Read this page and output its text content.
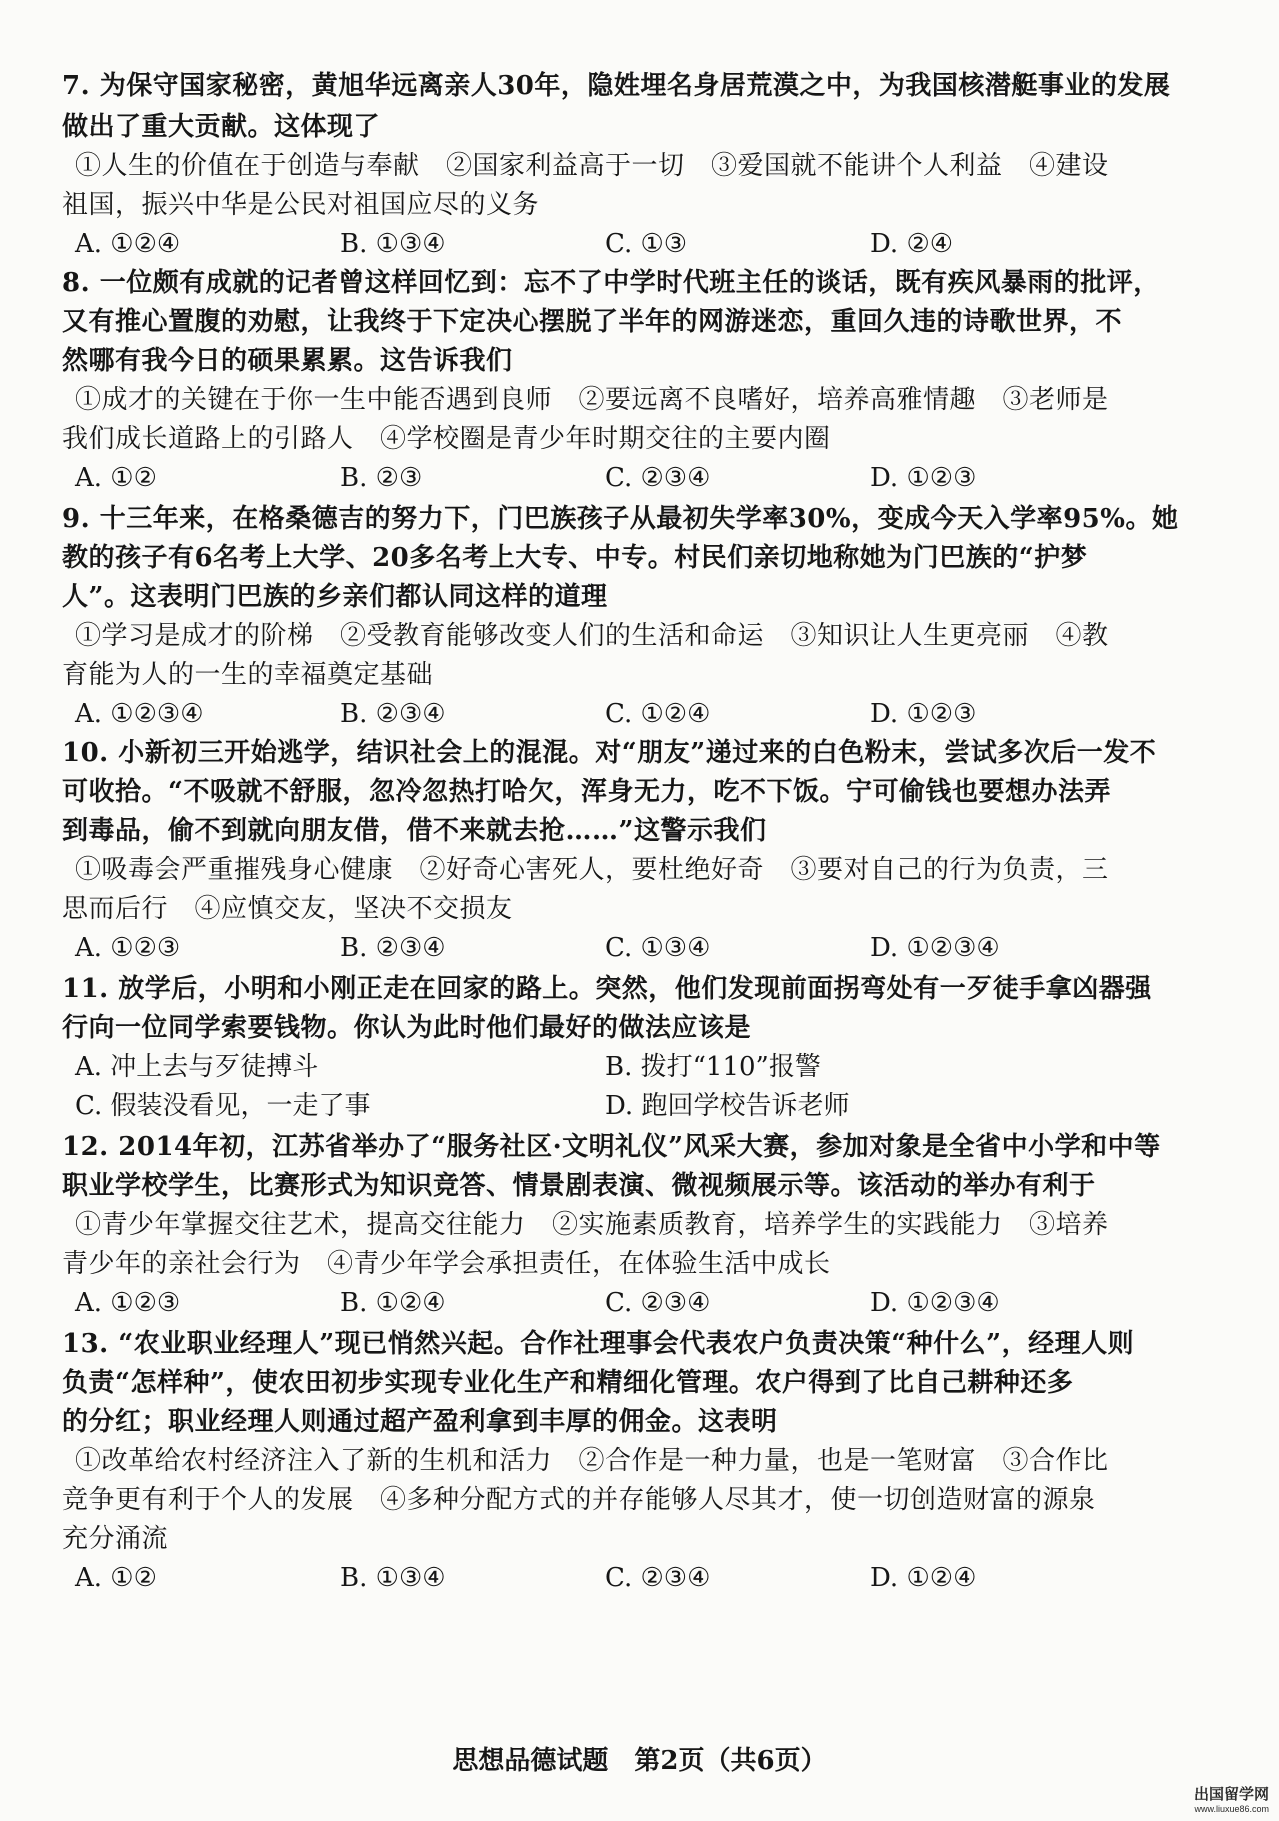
7. 为保守国家秘密，黄旭华远离亲人30年，隐姓埋名身居荒漠之中，为我国核潜艇事业的发展
做出了重大贡献。这体现了
①人生的价值在于创造与奉献　②国家利益高于一切　③爱国就不能讲个人利益　④建设
祖国，振兴中华是公民对祖国应尽的义务
A. ①②④	B. ①③④	C. ①③	D. ②④
8. 一位颇有成就的记者曾这样回忆到：忘不了中学时代班主任的谈话，既有疾风暴雨的批评，
又有推心置腹的劝慰，让我终于下定决心摆脱了半年的网游迷恋，重回久违的诗歌世界，不
然哪有我今日的硕果累累。这告诉我们
①成才的关键在于你一生中能否遇到良师　②要远离不良嗜好，培养高雅情趣　③老师是
我们成长道路上的引路人　④学校圈是青少年时期交往的主要内圈
A. ①②	B. ②③	C. ②③④	D. ①②③
9. 十三年来，在格桑德吉的努力下，门巴族孩子从最初失学率30%，变成今天入学率95%。她
教的孩子有6名考上大学、20多名考上大专、中专。村民们亲切地称她为门巴族的“护梦
人”。这表明门巴族的乡亲们都认同这样的道理
①学习是成才的阶梯　②受教育能够改变人们的生活和命运　③知识让人生更亮丽　④教
育能为人的一生的幸福奠定基础
A. ①②③④	B. ②③④	C. ①②④	D. ①②③
10. 小新初三开始逃学，结识社会上的混混。对“朋友”递过来的白色粉末，尝试多次后一发不
可收拾。“不吸就不舒服，忽冷忽热打哈欠，浑身无力，吃不下饭。宁可偷钱也要想办法弄
到毒品，偷不到就向朋友借，借不来就去抢……”这警示我们
①吸毒会严重摧残身心健康　②好奇心害死人，要杜绝好奇　③要对自己的行为负责，三
思而后行　④应慎交友，坚决不交损友
A. ①②③	B. ②③④	C. ①③④	D. ①②③④
11. 放学后，小明和小刚正走在回家的路上。突然，他们发现前面拐弯处有一歹徒手拿凶器强
行向一位同学索要钱物。你认为此时他们最好的做法应该是
A. 冲上去与歹徒搏斗	B. 拨打“110”报警
C. 假装没看见，一走了事	D. 跑回学校告诉老师
12. 2014年初，江苏省举办了“服务社区·文明礼仪”风采大赛，参加对象是全省中小学和中等
职业学校学生，比赛形式为知识竞答、情景剧表演、微视频展示等。该活动的举办有利于
①青少年掌握交往艺术，提高交往能力　②实施素质教育，培养学生的实践能力　③培养
青少年的亲社会行为　④青少年学会承担责任，在体验生活中成长
A. ①②③	B. ①②④	C. ②③④	D. ①②③④
13. “农业职业经理人”现已悄然兴起。合作社理事会代表农户负责决策“种什么”，经理人则
负责“怎样种”，使农田初步实现专业化生产和精细化管理。农户得到了比自己耕种还多
的分红；职业经理人则通过超产盈利拿到丰厚的佣金。这表明
①改革给农村经济注入了新的生机和活力　②合作是一种力量，也是一笔财富　③合作比
竞争更有利于个人的发展　④多种分配方式的并存能够人尽其才，使一切创造财富的源泉
充分涌流
A. ①②	B. ①③④	C. ②③④	D. ①②④
思想品德试题　第2页（共6页）
出国留学网
www.liuxue86.com
